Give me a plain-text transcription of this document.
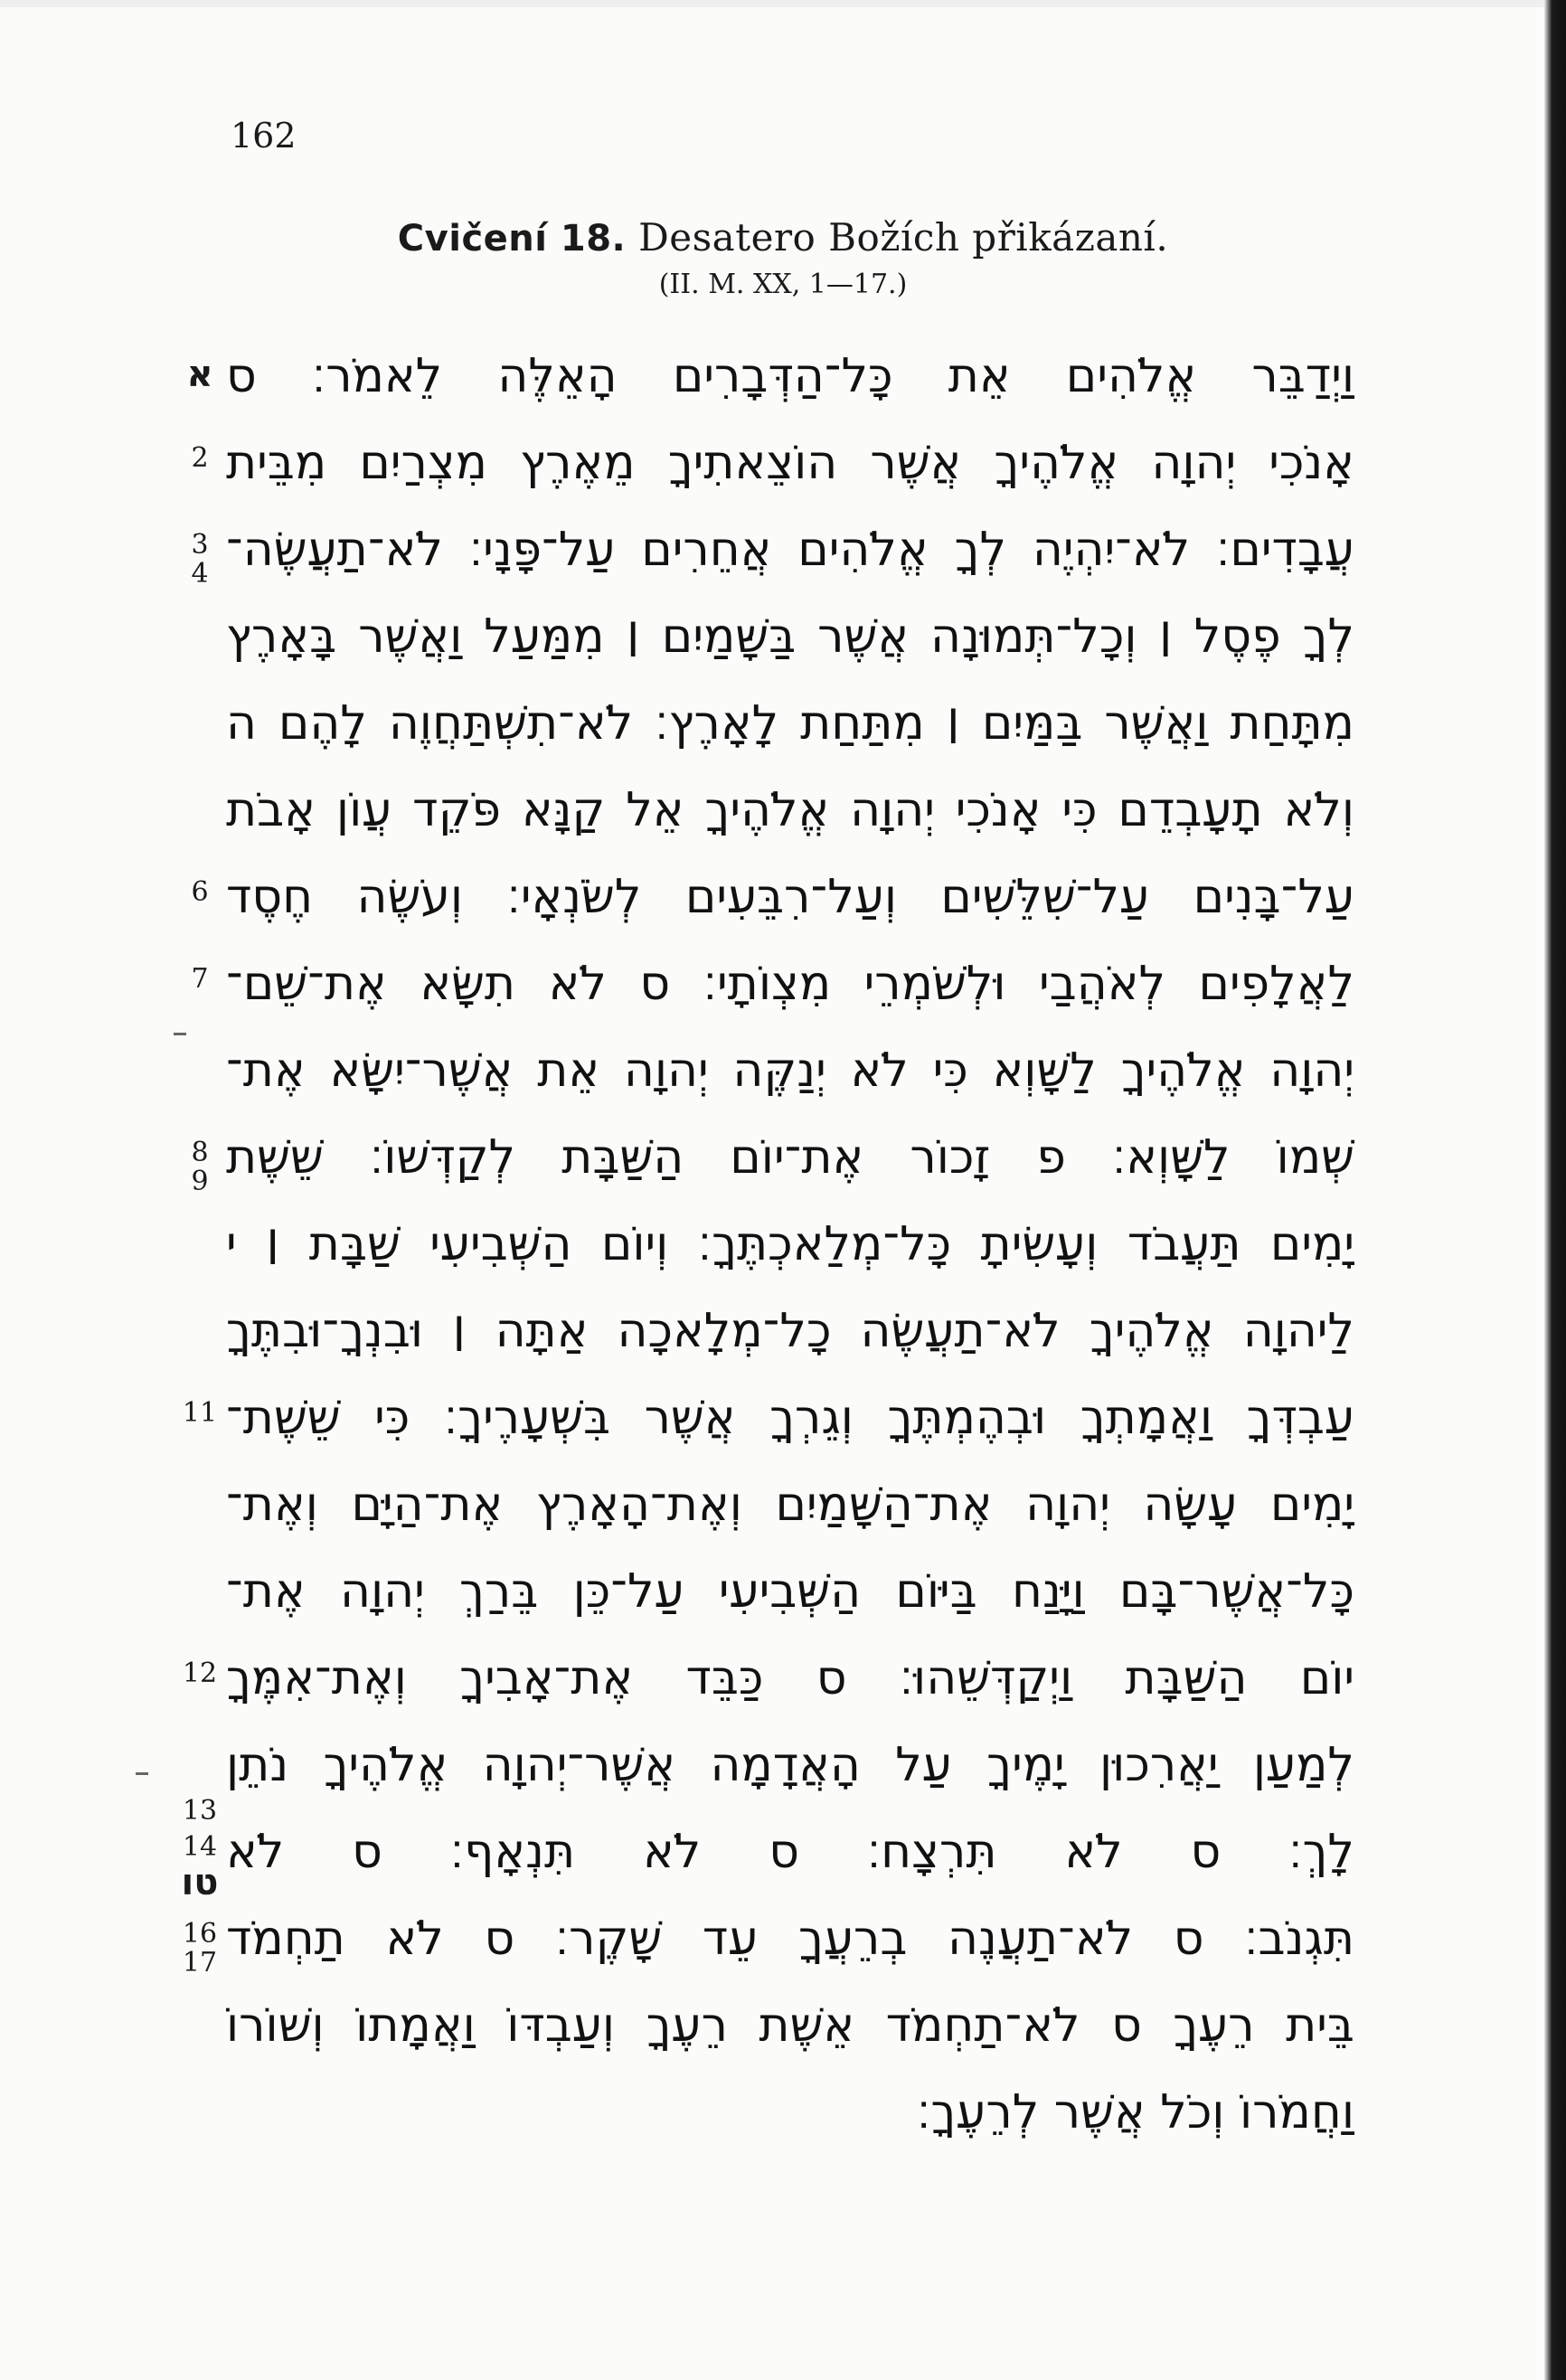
162
Cvičení 18. Desatero Božích přikázaní.
(II. M. XX, 1—17.)
וַיְדַבֵּר אֱלֹהִים אֵת כָּל־הַדְּבָרִים הָאֵלֶּה לֵאמֹר׃ ס
א
אָנֹכִי יְהוָה אֱלֹהֶיךָ אֲשֶׁר הוֹצֵאתִיךָ מֵאֶרֶץ מִצְרַיִם מִבֵּית
2
עֲבָדִים׃ לֹא־יִהְיֶה לְךָ אֱלֹהִים אֲחֵרִים עַל־פָּנָי׃ לֹא־תַעֲשֶׂה־
3
4
לְךָ פֶסֶל ׀ וְכָל־תְּמוּנָה אֲשֶׁר בַּשָּׁמַיִם ׀ מִמַּעַל וַאֲשֶׁר בָּאָרֶץ
מִתָּחַת וַאֲשֶׁר בַּמַּיִם ׀ מִתַּחַת לָאָרֶץ׃ לֹא־תִשְׁתַּחֲוֶה לָהֶם ה
וְלֹא תָעָבְדֵם כִּי אָנֹכִי יְהוָה אֱלֹהֶיךָ אֵל קַנָּא פֹּקֵד עֲוֹן אָבֹת
עַל־בָּנִים עַל־שִׁלֵּשִׁים וְעַל־רִבֵּעִים לְשֹׂנְאָי׃ וְעֹשֶׂה חֶסֶד
6
לַאֲלָפִים לְאֹהֲבַי וּלְשֹׁמְרֵי מִצְוֹתָי׃ ס לֹא תִשָּׂא אֶת־שֵׁם־
7
יְהוָה אֱלֹהֶיךָ לַשָּׁוְא כִּי לֹא יְנַקֶּה יְהוָה אֵת אֲשֶׁר־יִשָּׂא אֶת־
שְׁמוֹ לַשָּׁוְא׃ פ זָכוֹר אֶת־יוֹם הַשַּׁבָּת לְקַדְּשׁוֹ׃ שֵׁשֶׁת
8
9
יָמִים תַּעֲבֹד וְעָשִׂיתָ כָּל־מְלַאכְתֶּךָ׃ וְיוֹם הַשְּׁבִיעִי שַׁבָּת ׀ י
לַיהוָה אֱלֹהֶיךָ לֹא־תַעֲשֶׂה כָל־מְלָאכָה אַתָּה ׀ וּבִנְךָ־וּבִתֶּךָ
עַבְדְּךָ וַאֲמָתְךָ וּבְהֶמְתֶּךָ וְגֵרְךָ אֲשֶׁר בִּשְׁעָרֶיךָ׃ כִּי שֵׁשֶׁת־
11
יָמִים עָשָׂה יְהוָה אֶת־הַשָּׁמַיִם וְאֶת־הָאָרֶץ אֶת־הַיָּם וְאֶת־
כָּל־אֲשֶׁר־בָּם וַיָּנַח בַּיּוֹם הַשְּׁבִיעִי עַל־כֵּן בֵּרַךְ יְהוָה אֶת־
יוֹם הַשַּׁבָּת וַיְקַדְּשֵׁהוּ׃ ס כַּבֵּד אֶת־אָבִיךָ וְאֶת־אִמֶּךָ
12
לְמַעַן יַאֲרִכוּן יָמֶיךָ עַל הָאֲדָמָה אֲשֶׁר־יְהוָה אֱלֹהֶיךָ נֹתֵן
13
לָךְ׃ ס לֹא תִּרְצָח׃ ס לֹא תִּנְאָף׃ ס לֹא
14
טו
תִּגְנֹב׃ ס לֹא־תַעֲנֶה בְרֵעֲךָ עֵד שָׁקֶר׃ ס לֹא תַחְמֹד
16
17
בֵּית רֵעֶךָ ס לֹא־תַחְמֹד אֵשֶׁת רֵעֶךָ וְעַבְדּוֹ וַאֲמָתוֹ וְשׁוֹרוֹ
וַחֲמֹרוֹ וְכֹל אֲשֶׁר לְרֵעֶךָ׃
